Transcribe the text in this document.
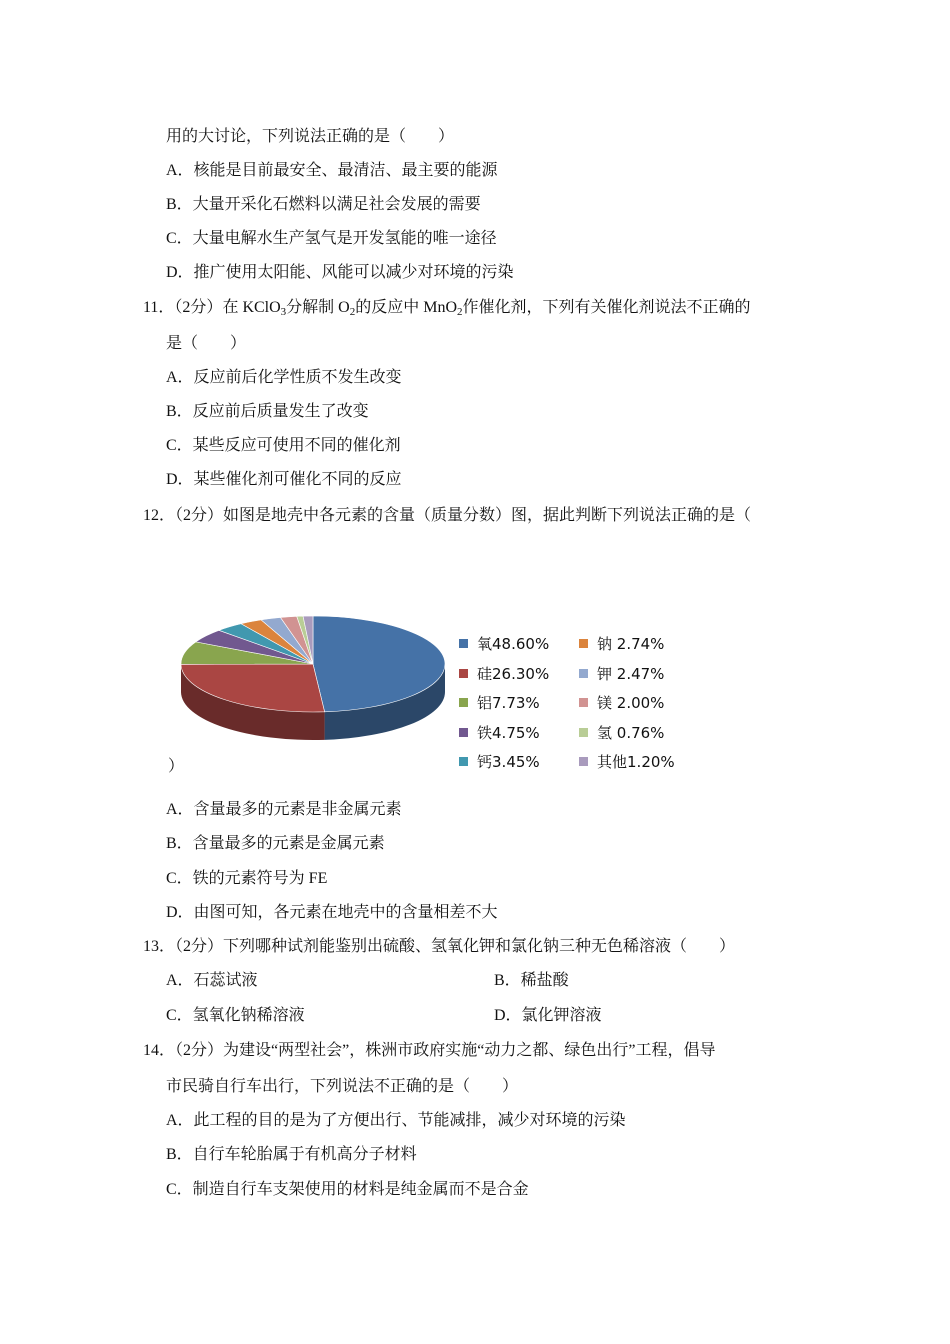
用的大讨论，下列说法正确的是（　　）
A．核能是目前最安全、最清洁、最主要的能源
B．大量开采化石燃料以满足社会发展的需要
C．大量电解水生产氢气是开发氢能的唯一途径
D．推广使用太阳能、风能可以减少对环境的污染
11．（2分）在 KClO$_3$分解制 $O_2$的反应中 MnO$_2$作催化剂，下列有关催化剂说法不正确的
是（　　）
A．反应前后化学性质不发生改变
B．反应前后质量发生了改变
C．某些反应可使用不同的催化剂
D．某些催化剂可催化不同的反应
12．（2分）如图是地壳中各元素的含量（质量分数）图，据此判断下列说法正确的是（
氧48.60%
硅26.30%
铝7.73%
铁4.75%
钙3.45%
钠 2.74%
钾 2.47%
镁 2.00%
氢 0.76%
其他1.20%
）
A．含量最多的元素是非金属元素
B．含量最多的元素是金属元素
C．铁的元素符号为 FE
D．由图可知，各元素在地壳中的含量相差不大
13．（2分）下列哪种试剂能鉴别出硫酸、氢氧化钾和氯化钠三种无色稀溶液（　　）
A．石蕊试液	B．稀盐酸
C．氢氧化钠稀溶液	D．氯化钾溶液
14．（2分）为建设“两型社会”，株洲市政府实施“动力之都、绿色出行”工程，倡导
市民骑自行车出行，下列说法不正确的是（　　）
A．此工程的目的是为了方便出行、节能减排，减少对环境的污染
B．自行车轮胎属于有机高分子材料
C．制造自行车支架使用的材料是纯金属而不是合金
